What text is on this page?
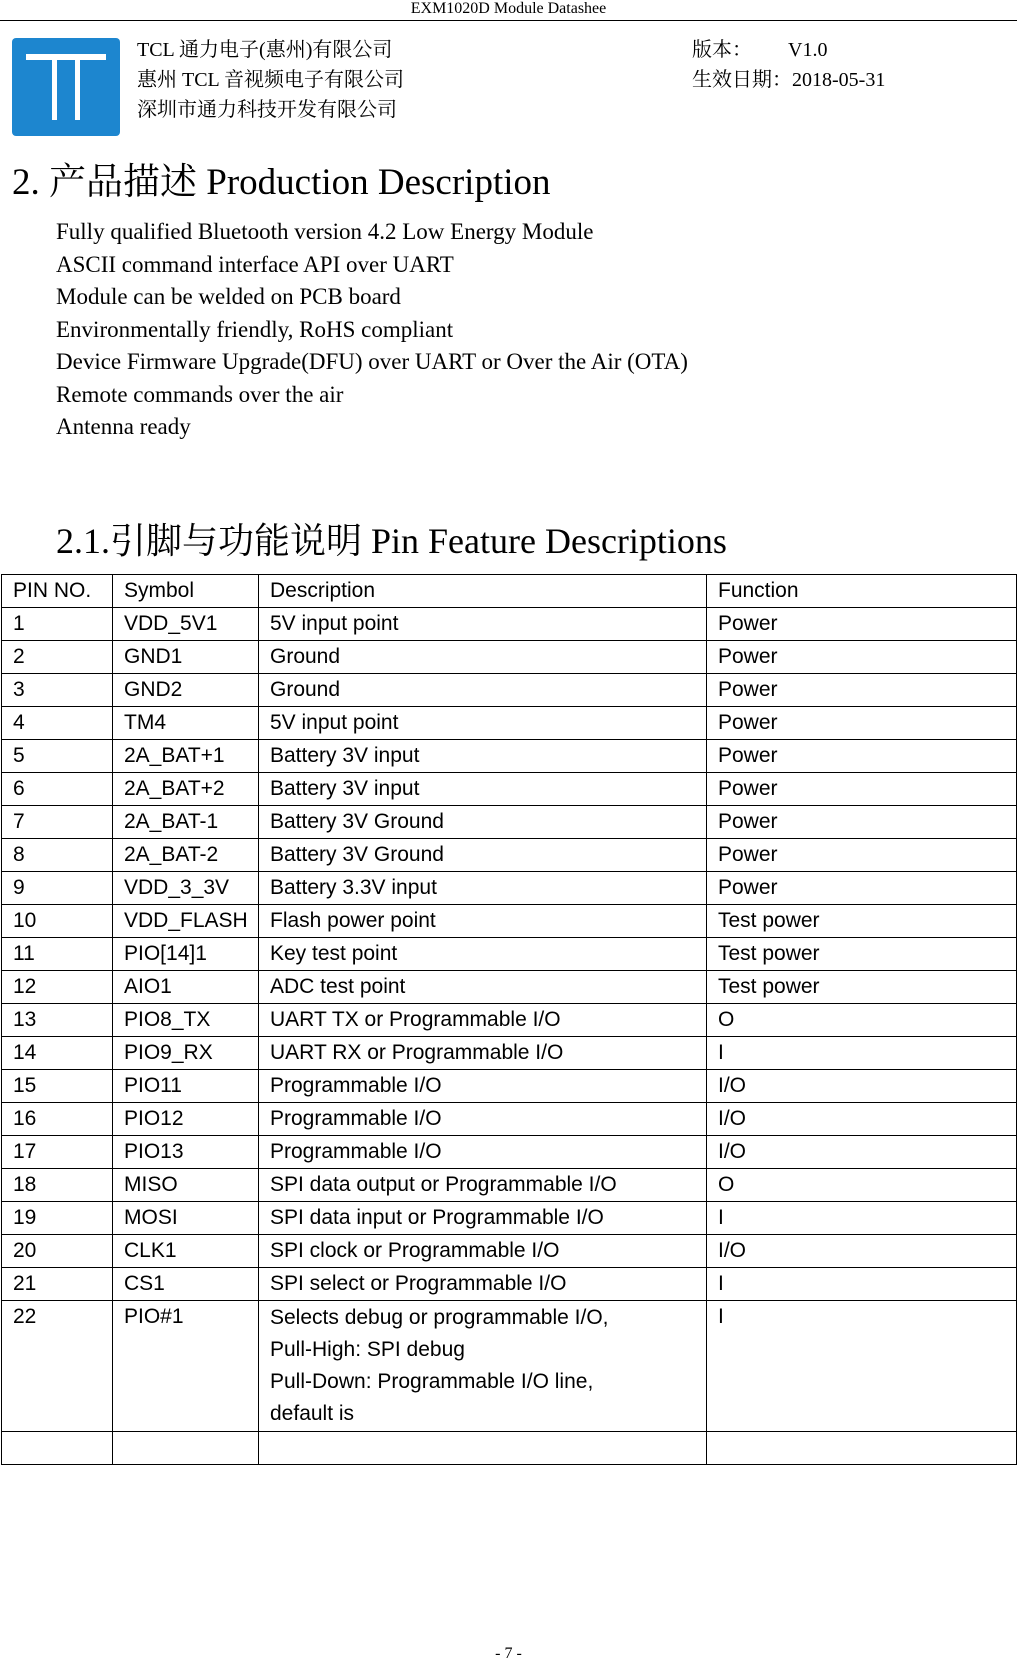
EXM1020D Module Datashee
TCL 通力电子(惠州)有限公司
惠州 TCL 音视频电子有限公司
深圳市通力科技开发有限公司
版本： V1.0
生效日期：2018-05-31
2. 产品描述 Production Description
Fully qualified Bluetooth version 4.2 Low Energy Module
ASCII command interface API over UART
Module can be welded on PCB board
Environmentally friendly, RoHS compliant
Device Firmware Upgrade(DFU) over UART or Over the Air (OTA)
Remote commands over the air
Antenna ready
2.1.引脚与功能说明 Pin Feature Descriptions
PIN NO.	Symbol	Description	Function
1	VDD_5V1	5V input point	Power
2	GND1	Ground	Power
3	GND2	Ground	Power
4	TM4	5V input point	Power
5	2A_BAT+1	Battery 3V input	Power
6	2A_BAT+2	Battery 3V input	Power
7	2A_BAT-1	Battery 3V Ground	Power
8	2A_BAT-2	Battery 3V Ground	Power
9	VDD_3_3V	Battery 3.3V input	Power
10	VDD_FLASH	Flash power point	Test power
11	PIO[14]1	Key test point	Test power
12	AIO1	ADC test point	Test power
13	PIO8_TX	UART TX or Programmable I/O	O
14	PIO9_RX	UART RX or Programmable I/O	I
15	PIO11	Programmable I/O	I/O
16	PIO12	Programmable I/O	I/O
17	PIO13	Programmable I/O	I/O
18	MISO	SPI data output or Programmable I/O	O
19	MOSI	SPI data input or Programmable I/O	I
20	CLK1	SPI clock or Programmable I/O	I/O
21	CS1	SPI select or Programmable I/O	I
22	PIO#1	Selects debug or programmable I/O,
Pull-High: SPI debug
Pull-Down: Programmable I/O line,
default is	I

- 7 -
